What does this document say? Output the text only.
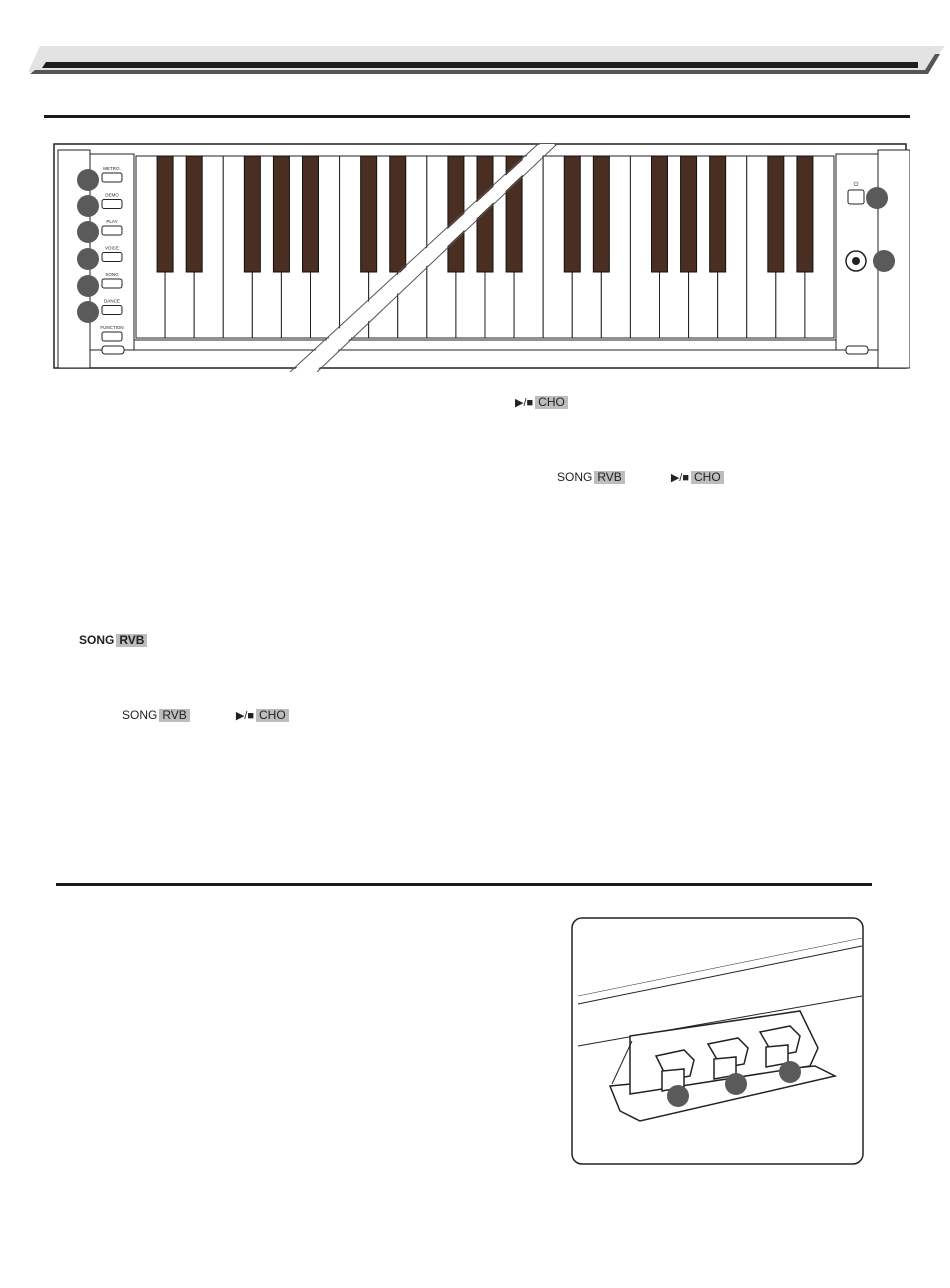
METRO.
DEMO
PLAY
VOICE
SONG
DANCE
FUNCTION
⏻
▶/■ CHO
SONG RVB	▶/■ CHO
SONG RVB
SONG RVB	▶/■ CHO
